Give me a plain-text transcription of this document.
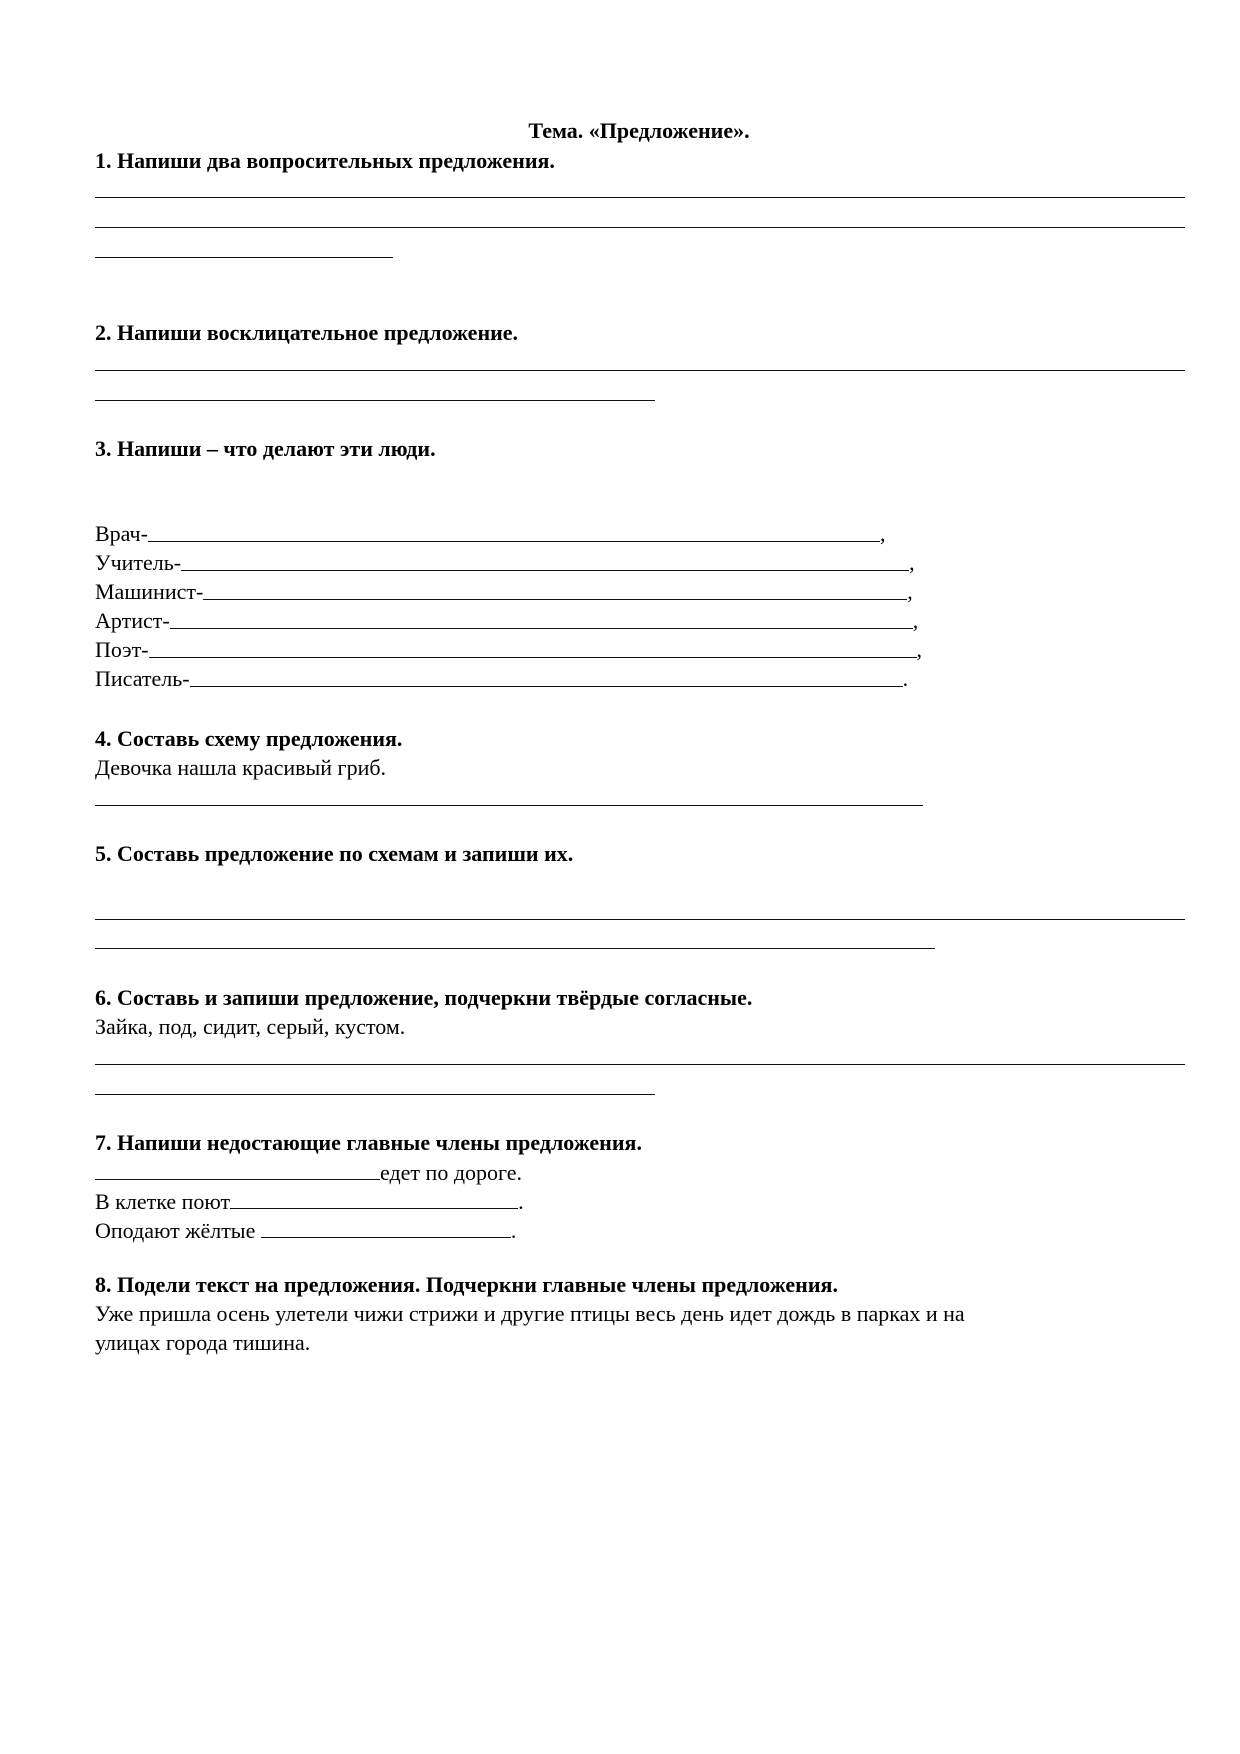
Тема. «Предложение».
1. Напиши два вопросительных предложения.
2. Напиши восклицательное предложение.
3. Напиши – что делают эти люди.
Врач-	,
Учитель-	,
Машинист-	,
Артист-	,
Поэт-	,
Писатель-	.
4. Составь схему предложения.
Девочка нашла красивый гриб.
5. Составь предложение по схемам и запиши их.
6. Составь и запиши предложение, подчеркни твёрдые согласные.
Зайка, под, сидит, серый, кустом.
7. Напиши недостающие главные члены предложения.
едет по дороге.
В клетке поют	.
Оподают жёлтые	.
8. Подели текст на предложения. Подчеркни главные члены предложения.
Уже пришла осень улетели чижи стрижи и другие птицы весь день идет дождь в парках и на
улицах города тишина.
